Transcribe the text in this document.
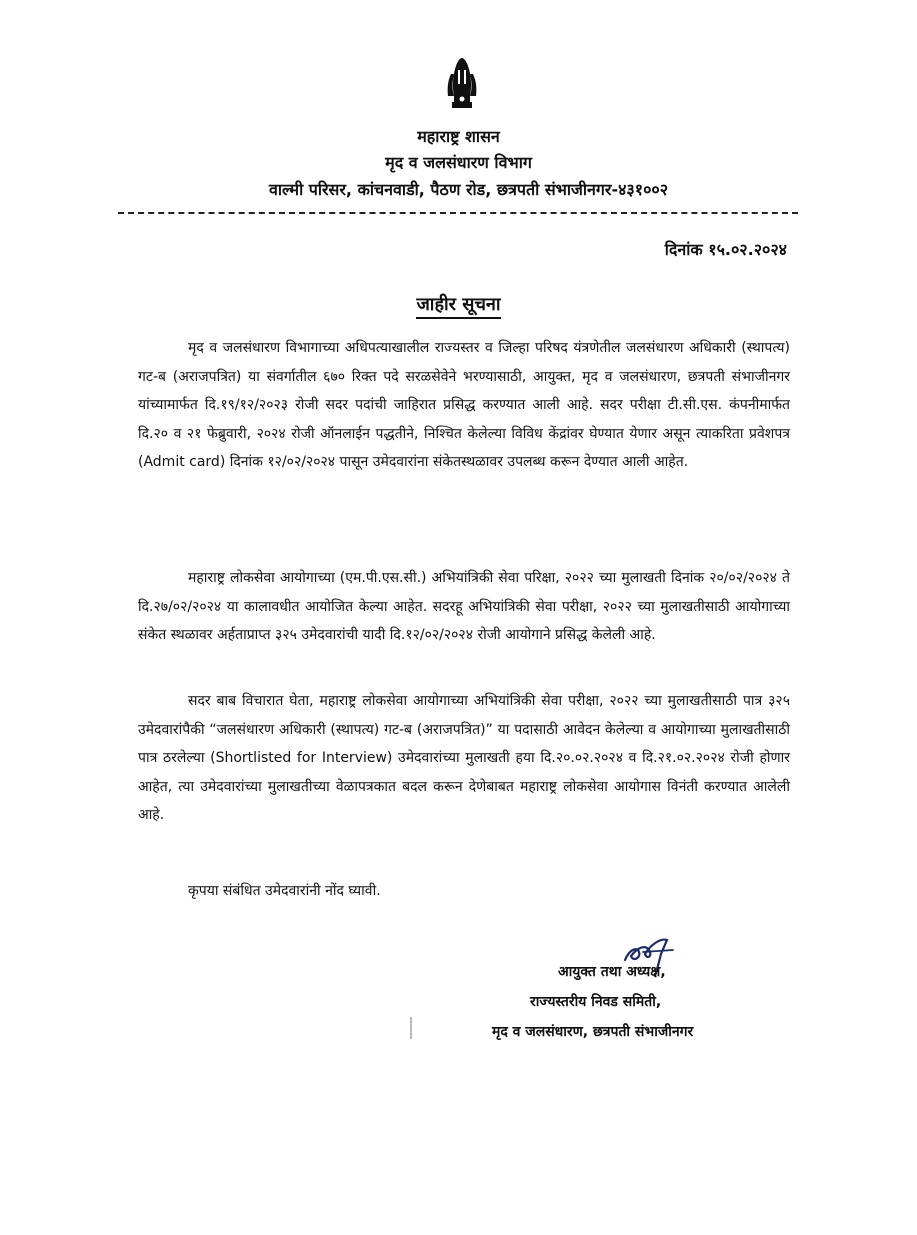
महाराष्ट्र शासन
मृद व जलसंधारण विभाग
वाल्मी परिसर, कांचनवाडी, पैठण रोड, छत्रपती संभाजीनगर-४३१००२
दिनांक १५.०२.२०२४
जाहीर सूचना

मृद व जलसंधारण विभागाच्या अधिपत्याखालील राज्यस्तर व जिल्हा परिषद यंत्रणेतील जलसंधारण अधिकारी (स्थापत्य) गट-ब (अराजपत्रित) या संवर्गातील ६७० रिक्त पदे सरळसेवेने भरण्यासाठी, आयुक्त, मृद व जलसंधारण, छत्रपती संभाजीनगर यांच्यामार्फत दि.१९/१२/२०२३ रोजी सदर पदांची जाहिरात प्रसिद्ध करण्यात आली आहे. सदर परीक्षा टी.सी.एस. कंपनीमार्फत दि.२० व २१ फेब्रुवारी, २०२४ रोजी ऑनलाईन पद्धतीने, निश्चित केलेल्या विविध केंद्रांवर घेण्यात येणार असून त्याकरिता प्रवेशपत्र (Admit card) दिनांक १२/०२/२०२४ पासून उमेदवारांना संकेतस्थळावर उपलब्ध करून देण्यात आली आहेत.

महाराष्ट्र लोकसेवा आयोगाच्या (एम.पी.एस.सी.) अभियांत्रिकी सेवा परिक्षा, २०२२ च्या मुलाखती दिनांक २०/०२/२०२४ ते दि.२७/०२/२०२४ या कालावधीत आयोजित केल्या आहेत. सदरहू अभियांत्रिकी सेवा परीक्षा, २०२२ च्या मुलाखतीसाठी आयोगाच्या संकेत स्थळावर अर्हताप्राप्त ३२५ उमेदवारांची यादी दि.१२/०२/२०२४ रोजी आयोगाने प्रसिद्ध केलेली आहे.

सदर बाब विचारात घेता, महाराष्ट्र लोकसेवा आयोगाच्या अभियांत्रिकी सेवा परीक्षा, २०२२ च्या मुलाखतीसाठी पात्र ३२५ उमेदवारांपैकी “जलसंधारण अधिकारी (स्थापत्य) गट-ब (अराजपत्रित)” या पदासाठी आवेदन केलेल्या व आयोगाच्या मुलाखतीसाठी पात्र ठरलेल्या (Shortlisted for Interview) उमेदवारांच्या मुलाखती हया दि.२०.०२.२०२४ व दि.२१.०२.२०२४ रोजी होणार आहेत, त्या उमेदवारांच्या मुलाखतीच्या वेळापत्रकात बदल करून देणेबाबत महाराष्ट्र लोकसेवा आयोगास विनंती करण्यात आलेली आहे.

कृपया संबंधित उमेदवारांनी नोंद घ्यावी.

आयुक्त तथा अध्यक्ष,
राज्यस्तरीय निवड समिती,
मृद व जलसंधारण, छत्रपती संभाजीनगर
